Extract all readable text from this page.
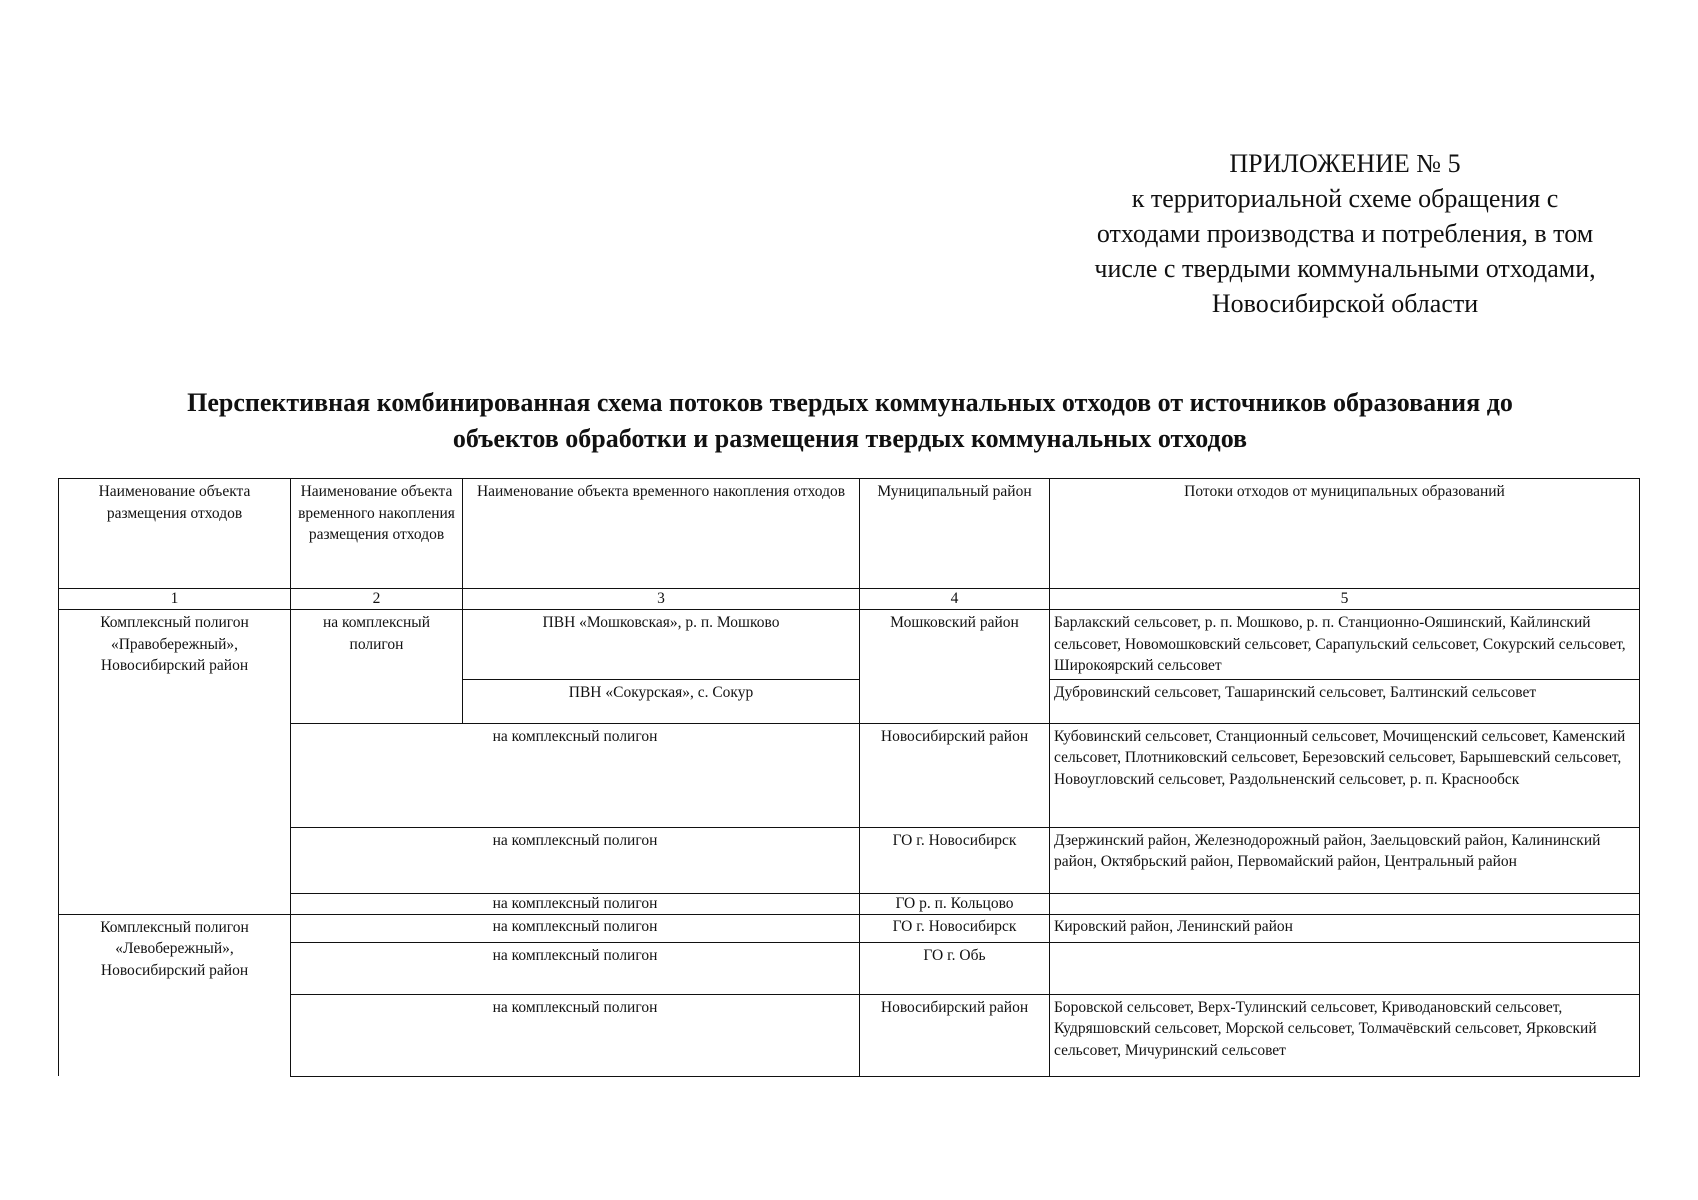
ПРИЛОЖЕНИЕ № 5
к территориальной схеме обращения с
отходами производства и потребления, в том
числе с твердыми коммунальными отходами,
Новосибирской области
Перспективная комбинированная схема потоков твердых коммунальных отходов от источников образования до
объектов обработки и размещения твердых коммунальных отходов
Наименование объекта размещения отходов	Наименование объекта временного накопления размещения отходов	Наименование объекта временного накопления отходов	Муниципальный район	Потоки отходов от муниципальных образований
1	2	3	4	5
Комплексный полигон «Правобережный», Новосибирский район	на комплексный полигон	ПВН «Мошковская», р. п. Мошково	Мошковский район	Барлакский сельсовет, р. п. Мошково, р. п. Станционно-Ояшинский, Кайлинский сельсовет, Новомошковский сельсовет, Сарапульский сельсовет, Сокурский сельсовет, Широкоярский сельсовет
		ПВН «Сокурская», с. Сокур		Дубровинский сельсовет, Ташаринский сельсовет, Балтинский сельсовет
	на комплексный полигон		Новосибирский район	Кубовинский сельсовет, Станционный сельсовет, Мочищенский сельсовет, Каменский сельсовет, Плотниковский сельсовет, Березовский сельсовет, Барышевский сельсовет, Новоугловский сельсовет, Раздольненский сельсовет, р. п. Краснообск
	на комплексный полигон		ГО г. Новосибирск	Дзержинский район, Железнодорожный район, Заельцовский район, Калининский район, Октябрьский район, Первомайский район, Центральный район
	на комплексный полигон		ГО р. п. Кольцово	
Комплексный полигон «Левобережный», Новосибирский район	на комплексный полигон		ГО г. Новосибирск	Кировский район, Ленинский район
	на комплексный полигон		ГО г. Обь	
	на комплексный полигон		Новосибирский район	Боровской сельсовет, Верх-Тулинский сельсовет, Криводановский сельсовет, Кудряшовский сельсовет, Морской сельсовет, Толмачёвский сельсовет, Ярковский сельсовет, Мичуринский сельсовет
